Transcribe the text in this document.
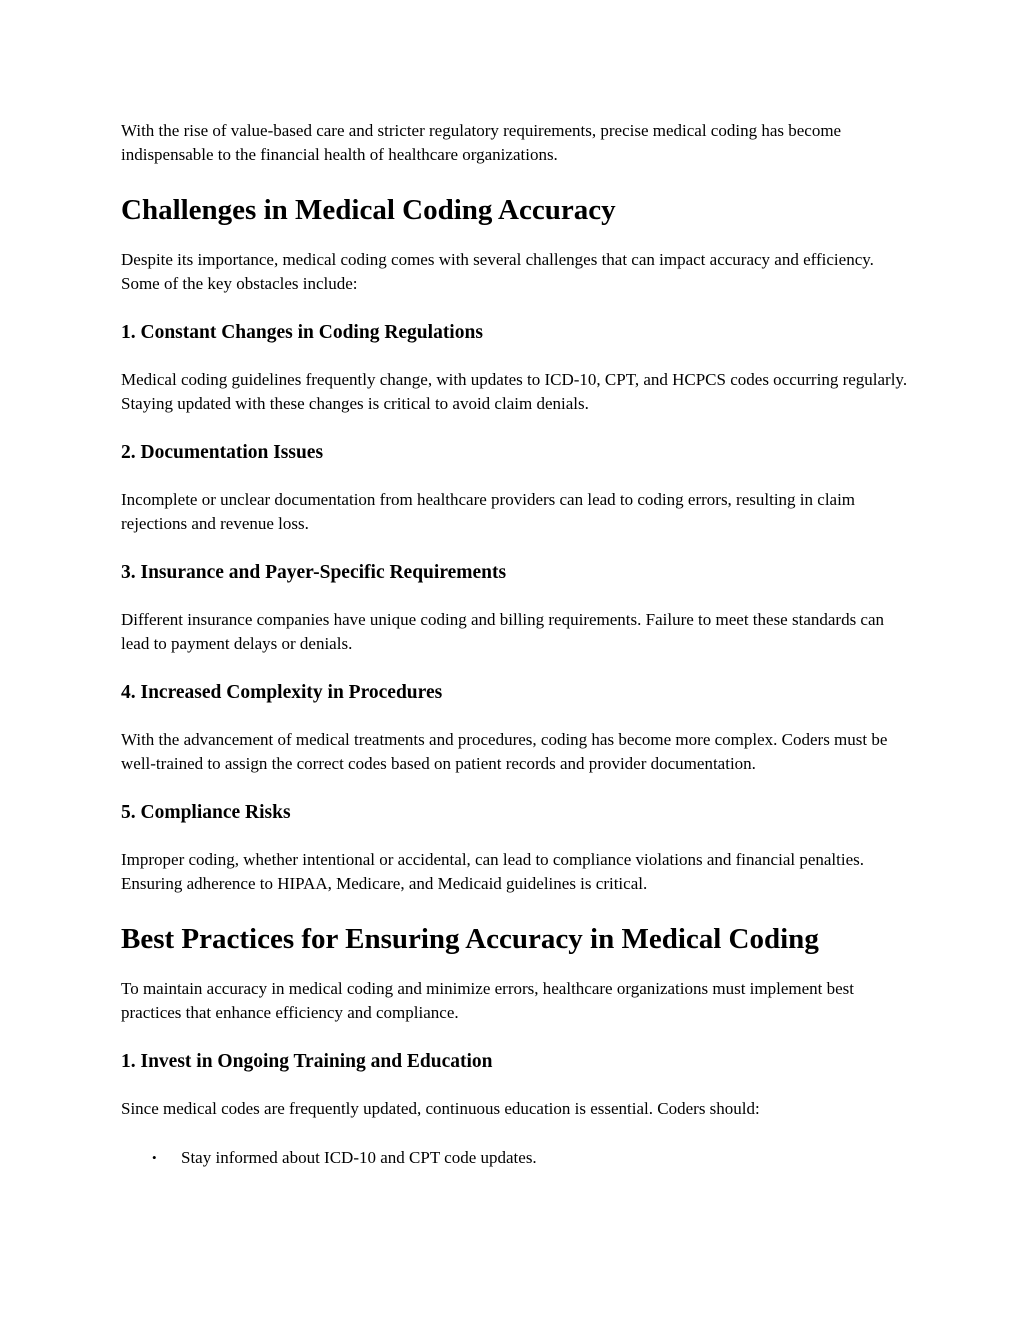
With the rise of value-based care and stricter regulatory requirements, precise medical coding has become indispensable to the financial health of healthcare organizations.

Challenges in Medical Coding Accuracy

Despite its importance, medical coding comes with several challenges that can impact accuracy and efficiency. Some of the key obstacles include:

1. Constant Changes in Coding Regulations

Medical coding guidelines frequently change, with updates to ICD-10, CPT, and HCPCS codes occurring regularly. Staying updated with these changes is critical to avoid claim denials.

2. Documentation Issues

Incomplete or unclear documentation from healthcare providers can lead to coding errors, resulting in claim rejections and revenue loss.

3. Insurance and Payer-Specific Requirements

Different insurance companies have unique coding and billing requirements. Failure to meet these standards can lead to payment delays or denials.

4. Increased Complexity in Procedures

With the advancement of medical treatments and procedures, coding has become more complex. Coders must be well-trained to assign the correct codes based on patient records and provider documentation.

5. Compliance Risks

Improper coding, whether intentional or accidental, can lead to compliance violations and financial penalties. Ensuring adherence to HIPAA, Medicare, and Medicaid guidelines is critical.

Best Practices for Ensuring Accuracy in Medical Coding

To maintain accuracy in medical coding and minimize errors, healthcare organizations must implement best practices that enhance efficiency and compliance.

1. Invest in Ongoing Training and Education

Since medical codes are frequently updated, continuous education is essential. Coders should:

• Stay informed about ICD-10 and CPT code updates.
